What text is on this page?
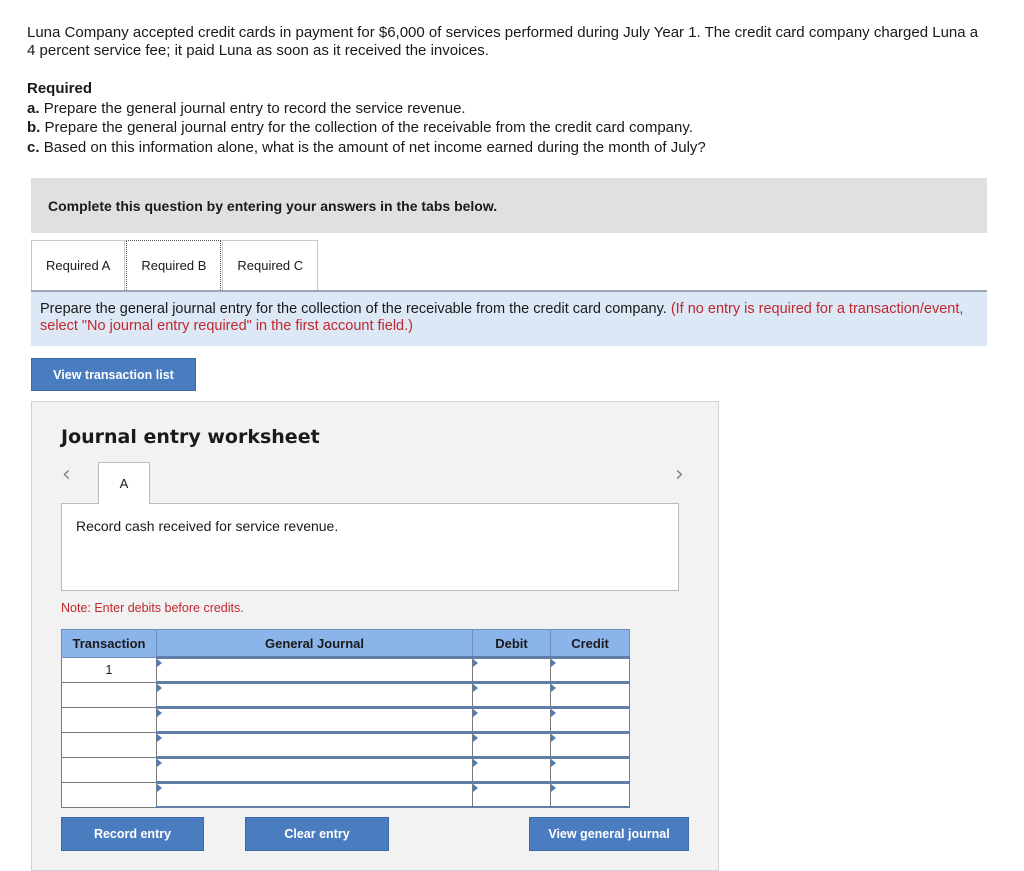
Luna Company accepted credit cards in payment for $6,000 of services performed during July Year 1. The credit card company charged Luna a 4 percent service fee; it paid Luna as soon as it received the invoices.
Required
a. Prepare the general journal entry to record the service revenue.
b. Prepare the general journal entry for the collection of the receivable from the credit card company.
c. Based on this information alone, what is the amount of net income earned during the month of July?
Complete this question by entering your answers in the tabs below.
Required A	Required B	Required C
Prepare the general journal entry for the collection of the receivable from the credit card company. (If no entry is required for a transaction/event, select "No journal entry required" in the first account field.)
View transaction list
Journal entry worksheet
‹	›
A
Record cash received for service revenue.
Note: Enter debits before credits.
Transaction	General Journal	Debit	Credit
1	

Record entry	Clear entry	View general journal
